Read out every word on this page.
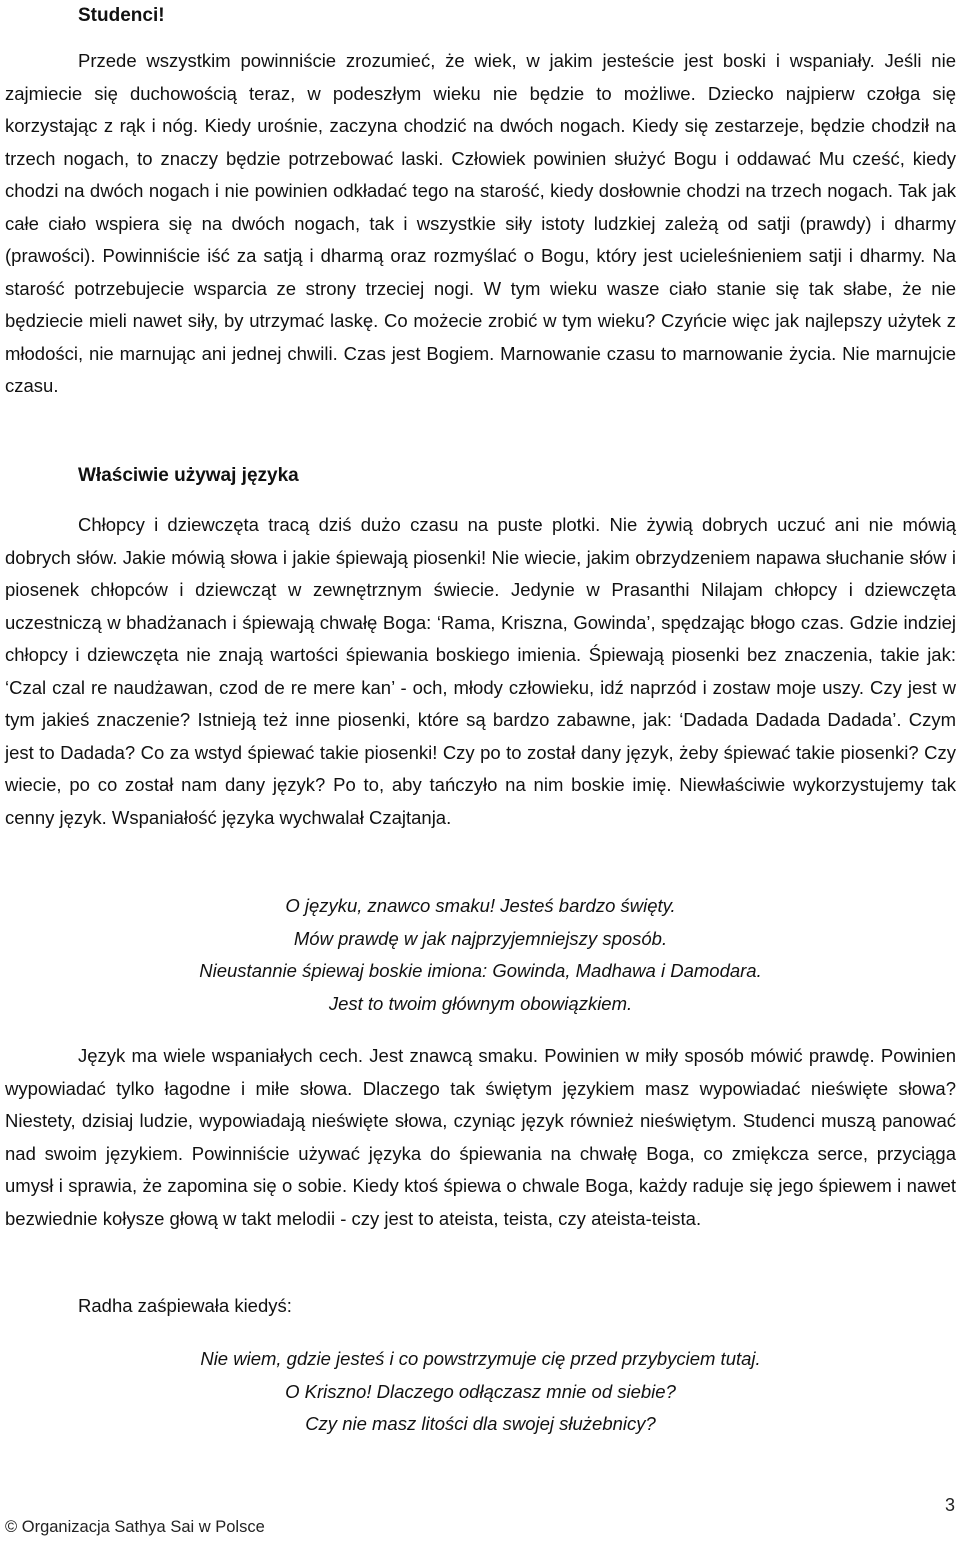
Studenci!

Przede wszystkim powinniście zrozumieć, że wiek, w jakim jesteście jest boski i wspaniały. Jeśli nie zajmiecie się duchowością teraz, w podeszłym wieku nie będzie to możliwe. Dziecko najpierw czołga się korzystając z rąk i nóg. Kiedy urośnie, zaczyna chodzić na dwóch nogach. Kiedy się zestarzeje, będzie chodził na trzech nogach, to znaczy będzie potrzebować laski. Człowiek powinien służyć Bogu i oddawać Mu cześć, kiedy chodzi na dwóch nogach i nie powinien odkładać tego na starość, kiedy dosłownie chodzi na trzech nogach. Tak jak całe ciało wspiera się na dwóch nogach, tak i wszystkie siły istoty ludzkiej zależą od satji (prawdy) i dharmy (prawości). Powinniście iść za satją i dharmą oraz rozmyślać o Bogu, który jest ucieleśnieniem satji i dharmy. Na starość potrzebujecie wsparcia ze strony trzeciej nogi. W tym wieku wasze ciało stanie się tak słabe, że nie będziecie mieli nawet siły, by utrzymać laskę. Co możecie zrobić w tym wieku? Czyńcie więc jak najlepszy użytek z młodości, nie marnując ani jednej chwili. Czas jest Bogiem. Marnowanie czasu to marnowanie życia. Nie marnujcie czasu.

Właściwie używaj języka

Chłopcy i dziewczęta tracą dziś dużo czasu na puste plotki. Nie żywią dobrych uczuć ani nie mówią dobrych słów. Jakie mówią słowa i jakie śpiewają piosenki! Nie wiecie, jakim obrzydzeniem napawa słuchanie słów i piosenek chłopców i dziewcząt w zewnętrznym świecie. Jedynie w Prasanthi Nilajam chłopcy i dziewczęta uczestniczą w bhadżanach i śpiewają chwałę Boga: ‘Rama, Kriszna, Gowinda’, spędzając błogo czas. Gdzie indziej chłopcy i dziewczęta nie znają wartości śpiewania boskiego imienia. Śpiewają piosenki bez znaczenia, takie jak: ‘Czal czal re naudżawan, czod de re mere kan’ - och, młody człowieku, idź naprzód i zostaw moje uszy. Czy jest w tym jakieś znaczenie? Istnieją też inne piosenki, które są bardzo zabawne, jak: ‘Dadada Dadada Dadada’. Czym jest to Dadada? Co za wstyd śpiewać takie piosenki! Czy po to został dany język, żeby śpiewać takie piosenki? Czy wiecie, po co został nam dany język? Po to, aby tańczyło na nim boskie imię. Niewłaściwie wykorzystujemy tak cenny język. Wspaniałość języka wychwalał Czajtanja.

O języku, znawco smaku! Jesteś bardzo święty.
Mów prawdę w jak najprzyjemniejszy sposób.
Nieustannie śpiewaj boskie imiona: Gowinda, Madhawa i Damodara.
Jest to twoim głównym obowiązkiem.

Język ma wiele wspaniałych cech. Jest znawcą smaku. Powinien w miły sposób mówić prawdę. Powinien wypowiadać tylko łagodne i miłe słowa. Dlaczego tak świętym językiem masz wypowiadać nieświęte słowa? Niestety, dzisiaj ludzie, wypowiadają nieświęte słowa, czyniąc język również nieświętym. Studenci muszą panować nad swoim językiem. Powinniście używać języka do śpiewania na chwałę Boga, co zmiękcza serce, przyciąga umysł i sprawia, że zapomina się o sobie. Kiedy ktoś śpiewa o chwale Boga, każdy raduje się jego śpiewem i nawet bezwiednie kołysze głową w takt melodii - czy jest to ateista, teista, czy ateista-teista.

Radha zaśpiewała kiedyś:

Nie wiem, gdzie jesteś i co powstrzymuje cię przed przybyciem tutaj.
O Kriszno! Dlaczego odłączasz mnie od siebie?
Czy nie masz litości dla swojej służebnicy?
© Organizacja Sathya Sai w Polsce
3
